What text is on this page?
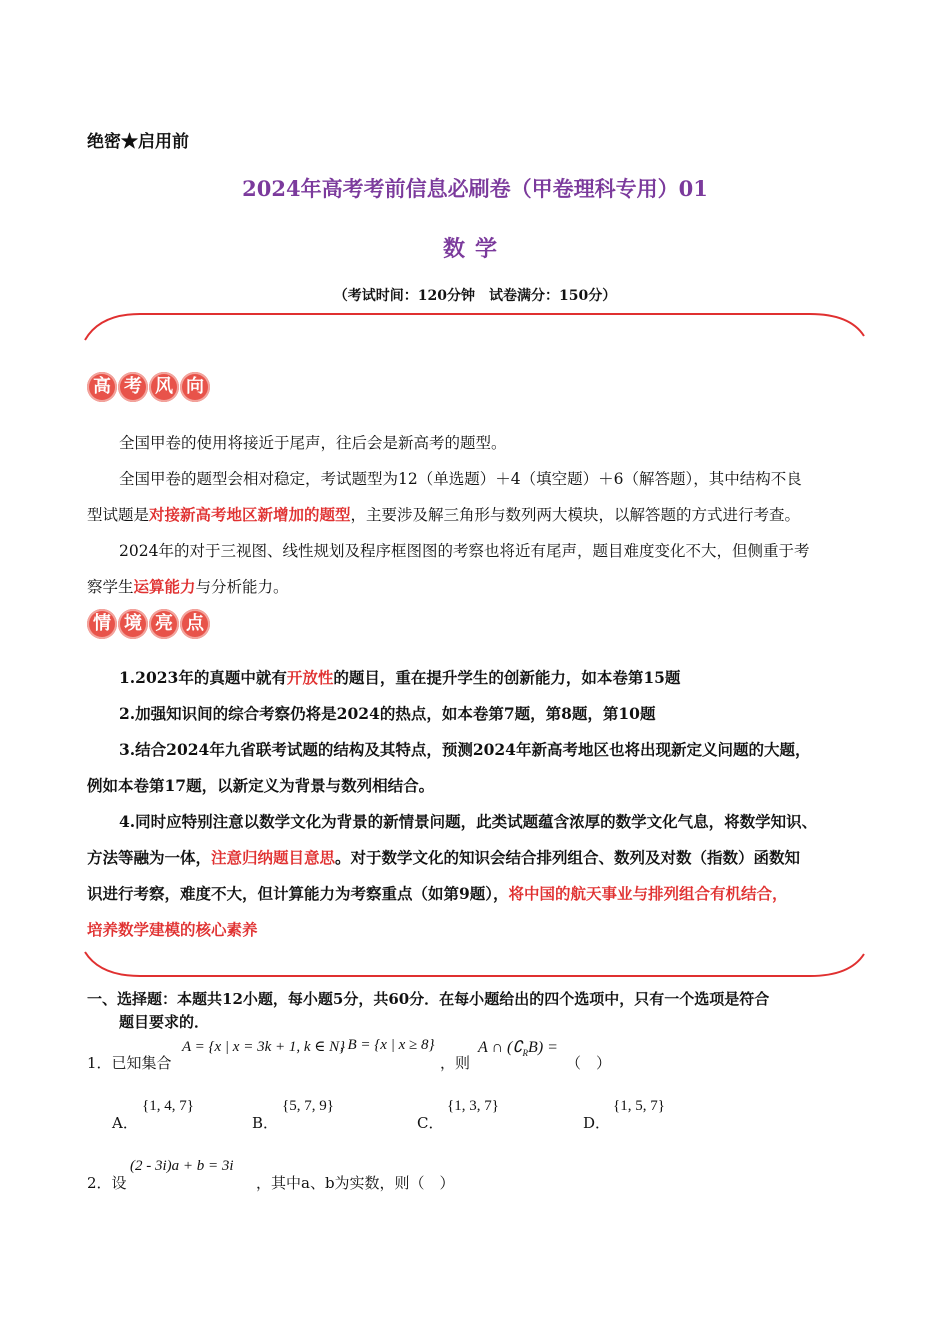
绝密★启用前
2024年高考考前信息必刷卷（甲卷理科专用）01
数学
（考试时间：120分钟　试卷满分：150分）
高 考 风 向
全国甲卷的使用将接近于尾声，往后会是新高考的题型。
全国甲卷的题型会相对稳定，考试题型为12（单选题）＋4（填空题）＋6（解答题），其中结构不良
型试题是对接新高考地区新增加的题型，主要涉及解三角形与数列两大模块，以解答题的方式进行考查。
2024年的对于三视图、线性规划及程序框图图的考察也将近有尾声，题目难度变化不大，但侧重于考
察学生运算能力与分析能力。
情 境 亮 点
1.2023年的真题中就有开放性的题目，重在提升学生的创新能力，如本卷第15题
2.加强知识间的综合考察仍将是2024的热点，如本卷第7题，第8题，第10题
3.结合2024年九省联考试题的结构及其特点，预测2024年新高考地区也将出现新定义问题的大题，
例如本卷第17题，以新定义为背景与数列相结合。
4.同时应特别注意以数学文化为背景的新情景问题，此类试题蕴含浓厚的数学文化气息，将数学知识、
方法等融为一体，注意归纳题目意思。对于数学文化的知识会结合排列组合、数列及对数（指数）函数知
识进行考察，难度不大，但计算能力为考察重点（如第9题），将中国的航天事业与排列组合有机结合，
培养数学建模的核心素养
一、选择题：本题共12小题，每小题5分，共60分．在每小题给出的四个选项中，只有一个选项是符合
题目要求的．
1．已知集合
A = {x | x = 3k + 1, k ∈ N}
, B = {x | x ≥ 8}
，则
A ∩ $(∁_RB)$ =
（　）
A．
{1, 4, 7}
B．
{5, 7, 9}
C．
{1, 3, 7}
D．
{1, 5, 7}
2．设
(2 - 3i)a + b = 3i
，其中a、b为实数，则（　）
